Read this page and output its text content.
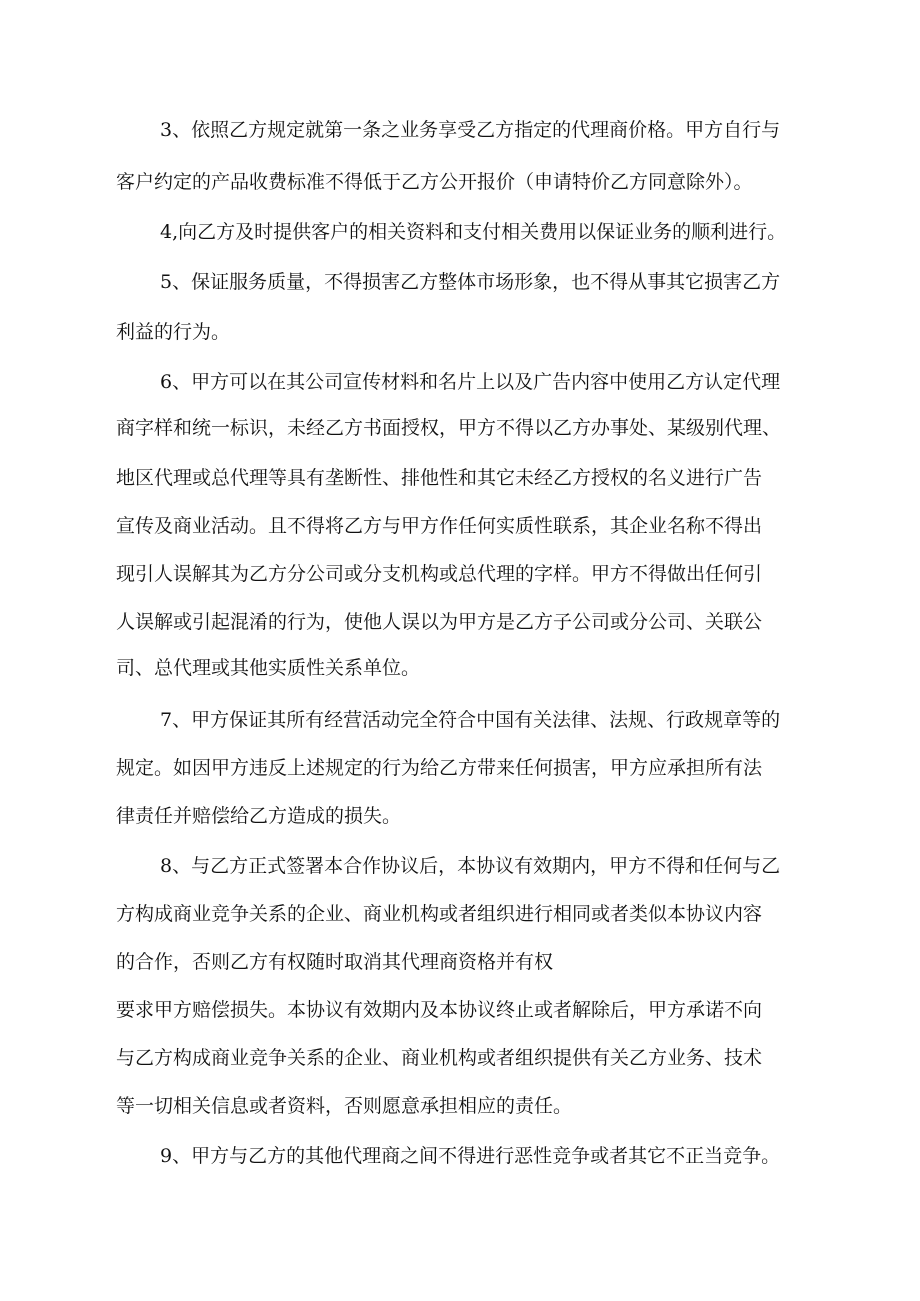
3、依照乙方规定就第一条之业务享受乙方指定的代理商价格。甲方自行与
客户约定的产品收费标准不得低于乙方公开报价（申请特价乙方同意除外）。
4,向乙方及时提供客户的相关资料和支付相关费用以保证业务的顺利进行。
5、保证服务质量，不得损害乙方整体市场形象，也不得从事其它损害乙方
利益的行为。
6、甲方可以在其公司宣传材料和名片上以及广告内容中使用乙方认定代理
商字样和统一标识，未经乙方书面授权，甲方不得以乙方办事处、某级别代理、
地区代理或总代理等具有垄断性、排他性和其它未经乙方授权的名义进行广告
宣传及商业活动。且不得将乙方与甲方作任何实质性联系，其企业名称不得出
现引人误解其为乙方分公司或分支机构或总代理的字样。甲方不得做出任何引
人误解或引起混淆的行为，使他人误以为甲方是乙方子公司或分公司、关联公
司、总代理或其他实质性关系单位。
7、甲方保证其所有经营活动完全符合中国有关法律、法规、行政规章等的
规定。如因甲方违反上述规定的行为给乙方带来任何损害，甲方应承担所有法
律责任并赔偿给乙方造成的损失。
8、与乙方正式签署本合作协议后，本协议有效期内，甲方不得和任何与乙
方构成商业竞争关系的企业、商业机构或者组织进行相同或者类似本协议内容
的合作，否则乙方有权随时取消其代理商资格并有权
要求甲方赔偿损失。本协议有效期内及本协议终止或者解除后，甲方承诺不向
与乙方构成商业竞争关系的企业、商业机构或者组织提供有关乙方业务、技术
等一切相关信息或者资料，否则愿意承担相应的责任。
9、甲方与乙方的其他代理商之间不得进行恶性竞争或者其它不正当竞争。
